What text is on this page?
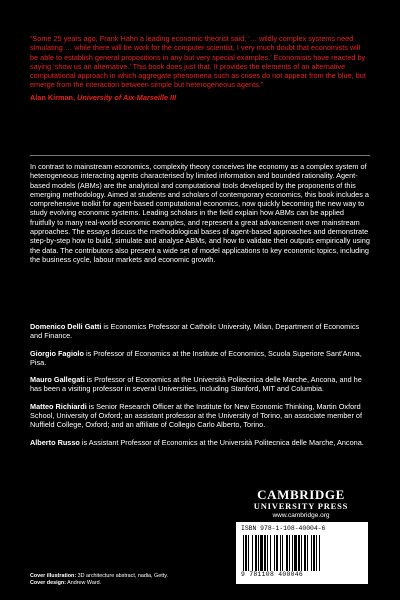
“Some 25 years ago, Frank Hahn a leading economic theorist said, ‘… wildly complex systems need simulating … while there will be work for the computer scientist, I very much doubt that economists will be able to establish general propositions in any but very special examples.’ Economists have reacted by saying ‘show us an alternative.’ This book does just that. It provides the elements of an alternative computational approach in which aggregate phenomena such as crises do not appear from the blue, but emerge from the interaction between simple but heterogeneous agents.”

Alan Kirman, University of Aix-Marseille III

In contrast to mainstream economics, complexity theory conceives the economy as a complex system of heterogeneous interacting agents characterised by limited information and bounded rationality. Agent-based models (ABMs) are the analytical and computational tools developed by the proponents of this emerging methodology. Aimed at students and scholars of contemporary economics, this book includes a comprehensive toolkit for agent-based computational economics, now quickly becoming the new way to study evolving economic systems. Leading scholars in the field explain how ABMs can be applied fruitfully to many real-world economic examples, and represent a great advancement over mainstream approaches. The essays discuss the methodological bases of agent-based approaches and demonstrate step-by-step how to build, simulate and analyse ABMs, and how to validate their outputs empirically using the data. The contributors also present a wide set of model applications to key economic topics, including the business cycle, labour markets and economic growth.

Domenico Delli Gatti is Economics Professor at Catholic University, Milan, Department of Economics and Finance.

Giorgio Fagiolo is Professor of Economics at the Institute of Economics, Scuola Superiore Sant’Anna, Pisa.

Mauro Gallegati is Professor of Economics at the Università Politecnica delle Marche, Ancona, and he has been a visiting professor in several Universities, including Stanford, MIT and Columbia.

Matteo Richiardi is Senior Research Officer at the Institute for New Economic Thinking, Martin Oxford School, University of Oxford; an assistant professor at the University of Torino, an associate member of Nuffield College, Oxford; and an affiliate of Collegio Carlo Alberto, Torino.

Alberto Russo is Assistant Professor of Economics at the Università Politecnica delle Marche, Ancona.

CAMBRIDGE
UNIVERSITY PRESS
www.cambridge.org
ISBN 978-1-108-40004-6
9 781108 400046
Cover illustration: 3D architecture abstract, nadia, Getty.
Cover design: Andrew Ward.
